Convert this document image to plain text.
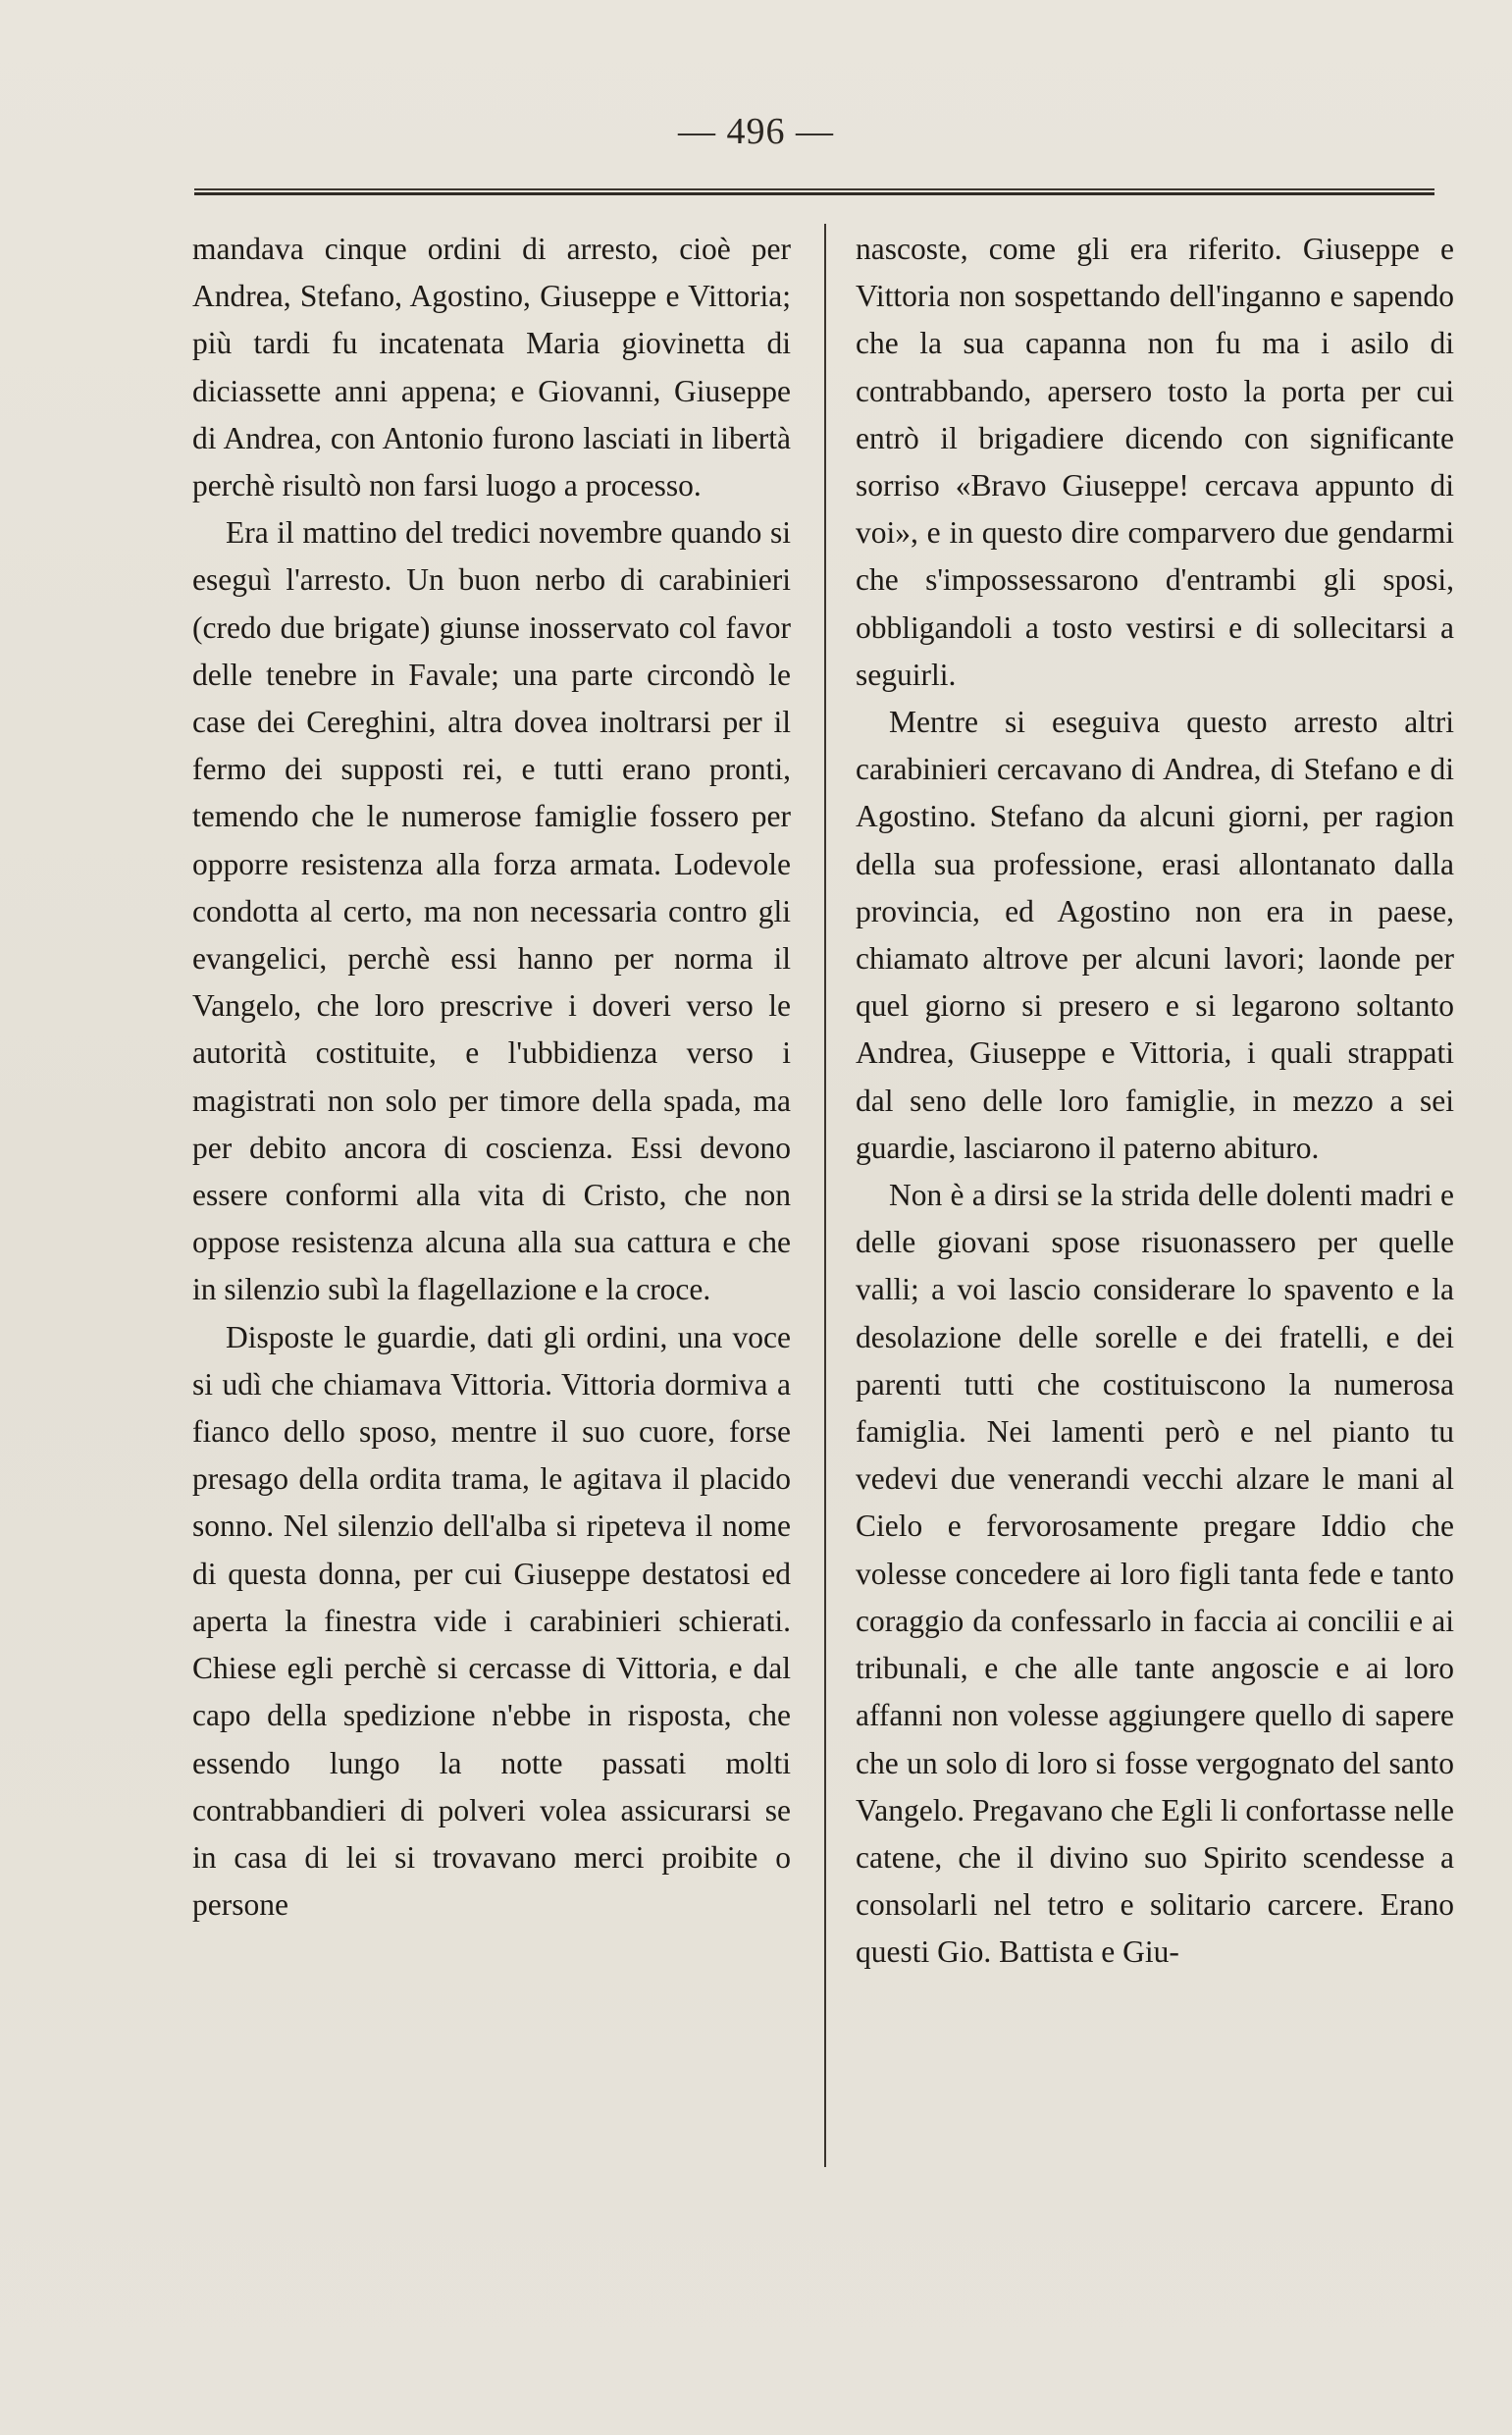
— 496 —

mandava cinque ordini di arresto, cioè per Andrea, Stefano, Agostino, Giuseppe e Vittoria; più tardi fu incatenata Maria giovinetta di diciassette anni appena; e Giovanni, Giuseppe di Andrea, con Antonio furono lasciati in libertà perchè risultò non farsi luogo a processo.

Era il mattino del tredici novembre quando si eseguì l'arresto. Un buon nerbo di carabinieri (credo due brigate) giunse inosservato col favor delle tenebre in Favale; una parte circondò le case dei Cereghini, altra dovea inoltrarsi per il fermo dei supposti rei, e tutti erano pronti, temendo che le numerose famiglie fossero per opporre resistenza alla forza armata. Lodevole condotta al certo, ma non necessaria contro gli evangelici, perchè essi hanno per norma il Vangelo, che loro prescrive i doveri verso le autorità costituite, e l'ubbidienza verso i magistrati non solo per timore della spada, ma per debito ancora di coscienza. Essi devono essere conformi alla vita di Cristo, che non oppose resistenza alcuna alla sua cattura e che in silenzio subì la flagellazione e la croce.

Disposte le guardie, dati gli ordini, una voce si udì che chiamava Vittoria. Vittoria dormiva a fianco dello sposo, mentre il suo cuore, forse presago della ordita trama, le agitava il placido sonno. Nel silenzio dell'alba si ripeteva il nome di questa donna, per cui Giuseppe destatosi ed aperta la finestra vide i carabinieri schierati. Chiese egli perchè si cercasse di Vittoria, e dal capo della spedizione n'ebbe in risposta, che essendo lungo la notte passati molti contrabbandieri di polveri volea assicurarsi se in casa di lei si trovavano merci proibite o persone

nascoste, come gli era riferito. Giuseppe e Vittoria non sospettando dell'inganno e sapendo che la sua capanna non fu ma i asilo di contrabbando, apersero tosto la porta per cui entrò il brigadiere dicendo con significante sorriso «Bravo Giuseppe! cercava appunto di voi», e in questo dire comparvero due gendarmi che s'impossessarono d'entrambi gli sposi, obbligandoli a tosto vestirsi e di sollecitarsi a seguirli.

Mentre si eseguiva questo arresto altri carabinieri cercavano di Andrea, di Stefano e di Agostino. Stefano da alcuni giorni, per ragion della sua professione, erasi allontanato dalla provincia, ed Agostino non era in paese, chiamato altrove per alcuni lavori; laonde per quel giorno si presero e si legarono soltanto Andrea, Giuseppe e Vittoria, i quali strappati dal seno delle loro famiglie, in mezzo a sei guardie, lasciarono il paterno abituro.

Non è a dirsi se la strida delle dolenti madri e delle giovani spose risuonassero per quelle valli; a voi lascio considerare lo spavento e la desolazione delle sorelle e dei fratelli, e dei parenti tutti che costituiscono la numerosa famiglia. Nei lamenti però e nel pianto tu vedevi due venerandi vecchi alzare le mani al Cielo e fervorosamente pregare Iddio che volesse concedere ai loro figli tanta fede e tanto coraggio da confessarlo in faccia ai concilii e ai tribunali, e che alle tante angoscie e ai loro affanni non volesse aggiungere quello di sapere che un solo di loro si fosse vergognato del santo Vangelo. Pregavano che Egli li confortasse nelle catene, che il divino suo Spirito scendesse a consolarli nel tetro e solitario carcere. Erano questi Gio. Battista e Giu-
